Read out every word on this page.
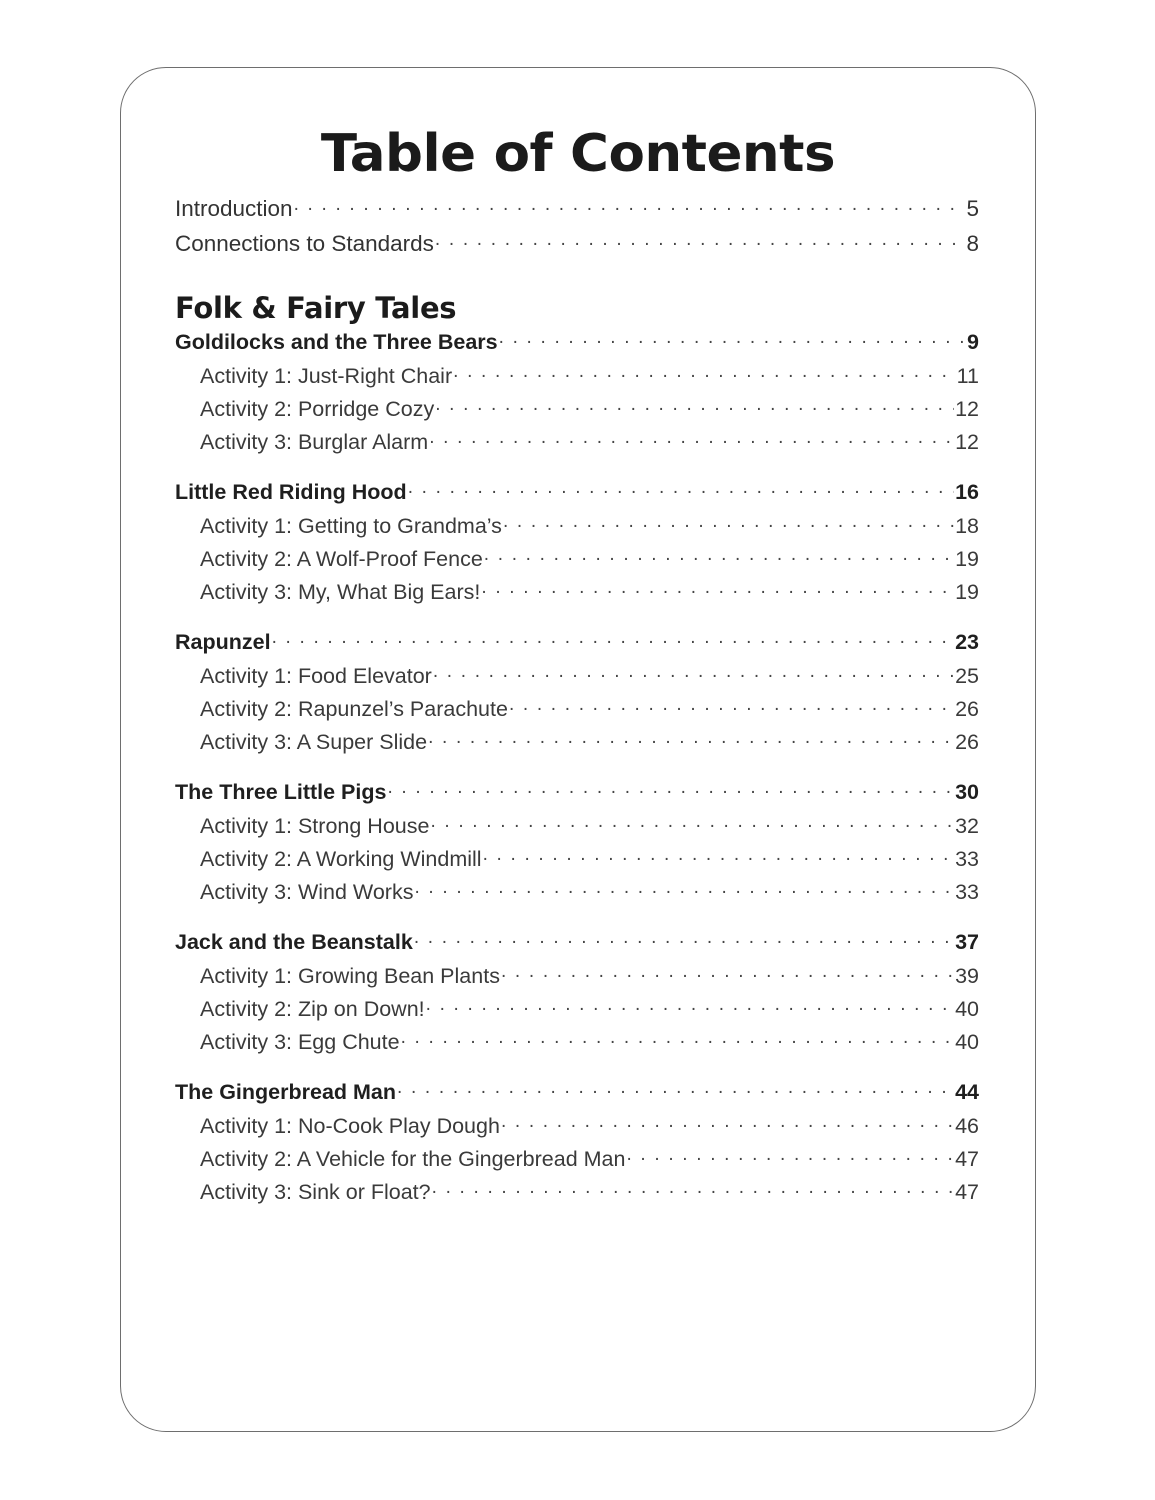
Table of Contents
Introduction . . .	5
Connections to Standards . . .	8
Folk & Fairy Tales
Goldilocks and the Three Bears . . .	9
Activity 1: Just-Right Chair . . .	11
Activity 2: Porridge Cozy . . .	12
Activity 3: Burglar Alarm . . .	12
Little Red Riding Hood . . .	16
Activity 1: Getting to Grandma’s . . .	18
Activity 2: A Wolf-Proof Fence . . .	19
Activity 3: My, What Big Ears! . . .	19
Rapunzel . . .	23
Activity 1: Food Elevator . . .	25
Activity 2: Rapunzel’s Parachute . . .	26
Activity 3: A Super Slide . . .	26
The Three Little Pigs . . .	30
Activity 1: Strong House . . .	32
Activity 2: A Working Windmill . . .	33
Activity 3: Wind Works . . .	33
Jack and the Beanstalk . . .	37
Activity 1: Growing Bean Plants . . .	39
Activity 2: Zip on Down! . . .	40
Activity 3: Egg Chute . . .	40
The Gingerbread Man . . .	44
Activity 1: No-Cook Play Dough . . .	46
Activity 2: A Vehicle for the Gingerbread Man . . .	47
Activity 3: Sink or Float? . . .	47
